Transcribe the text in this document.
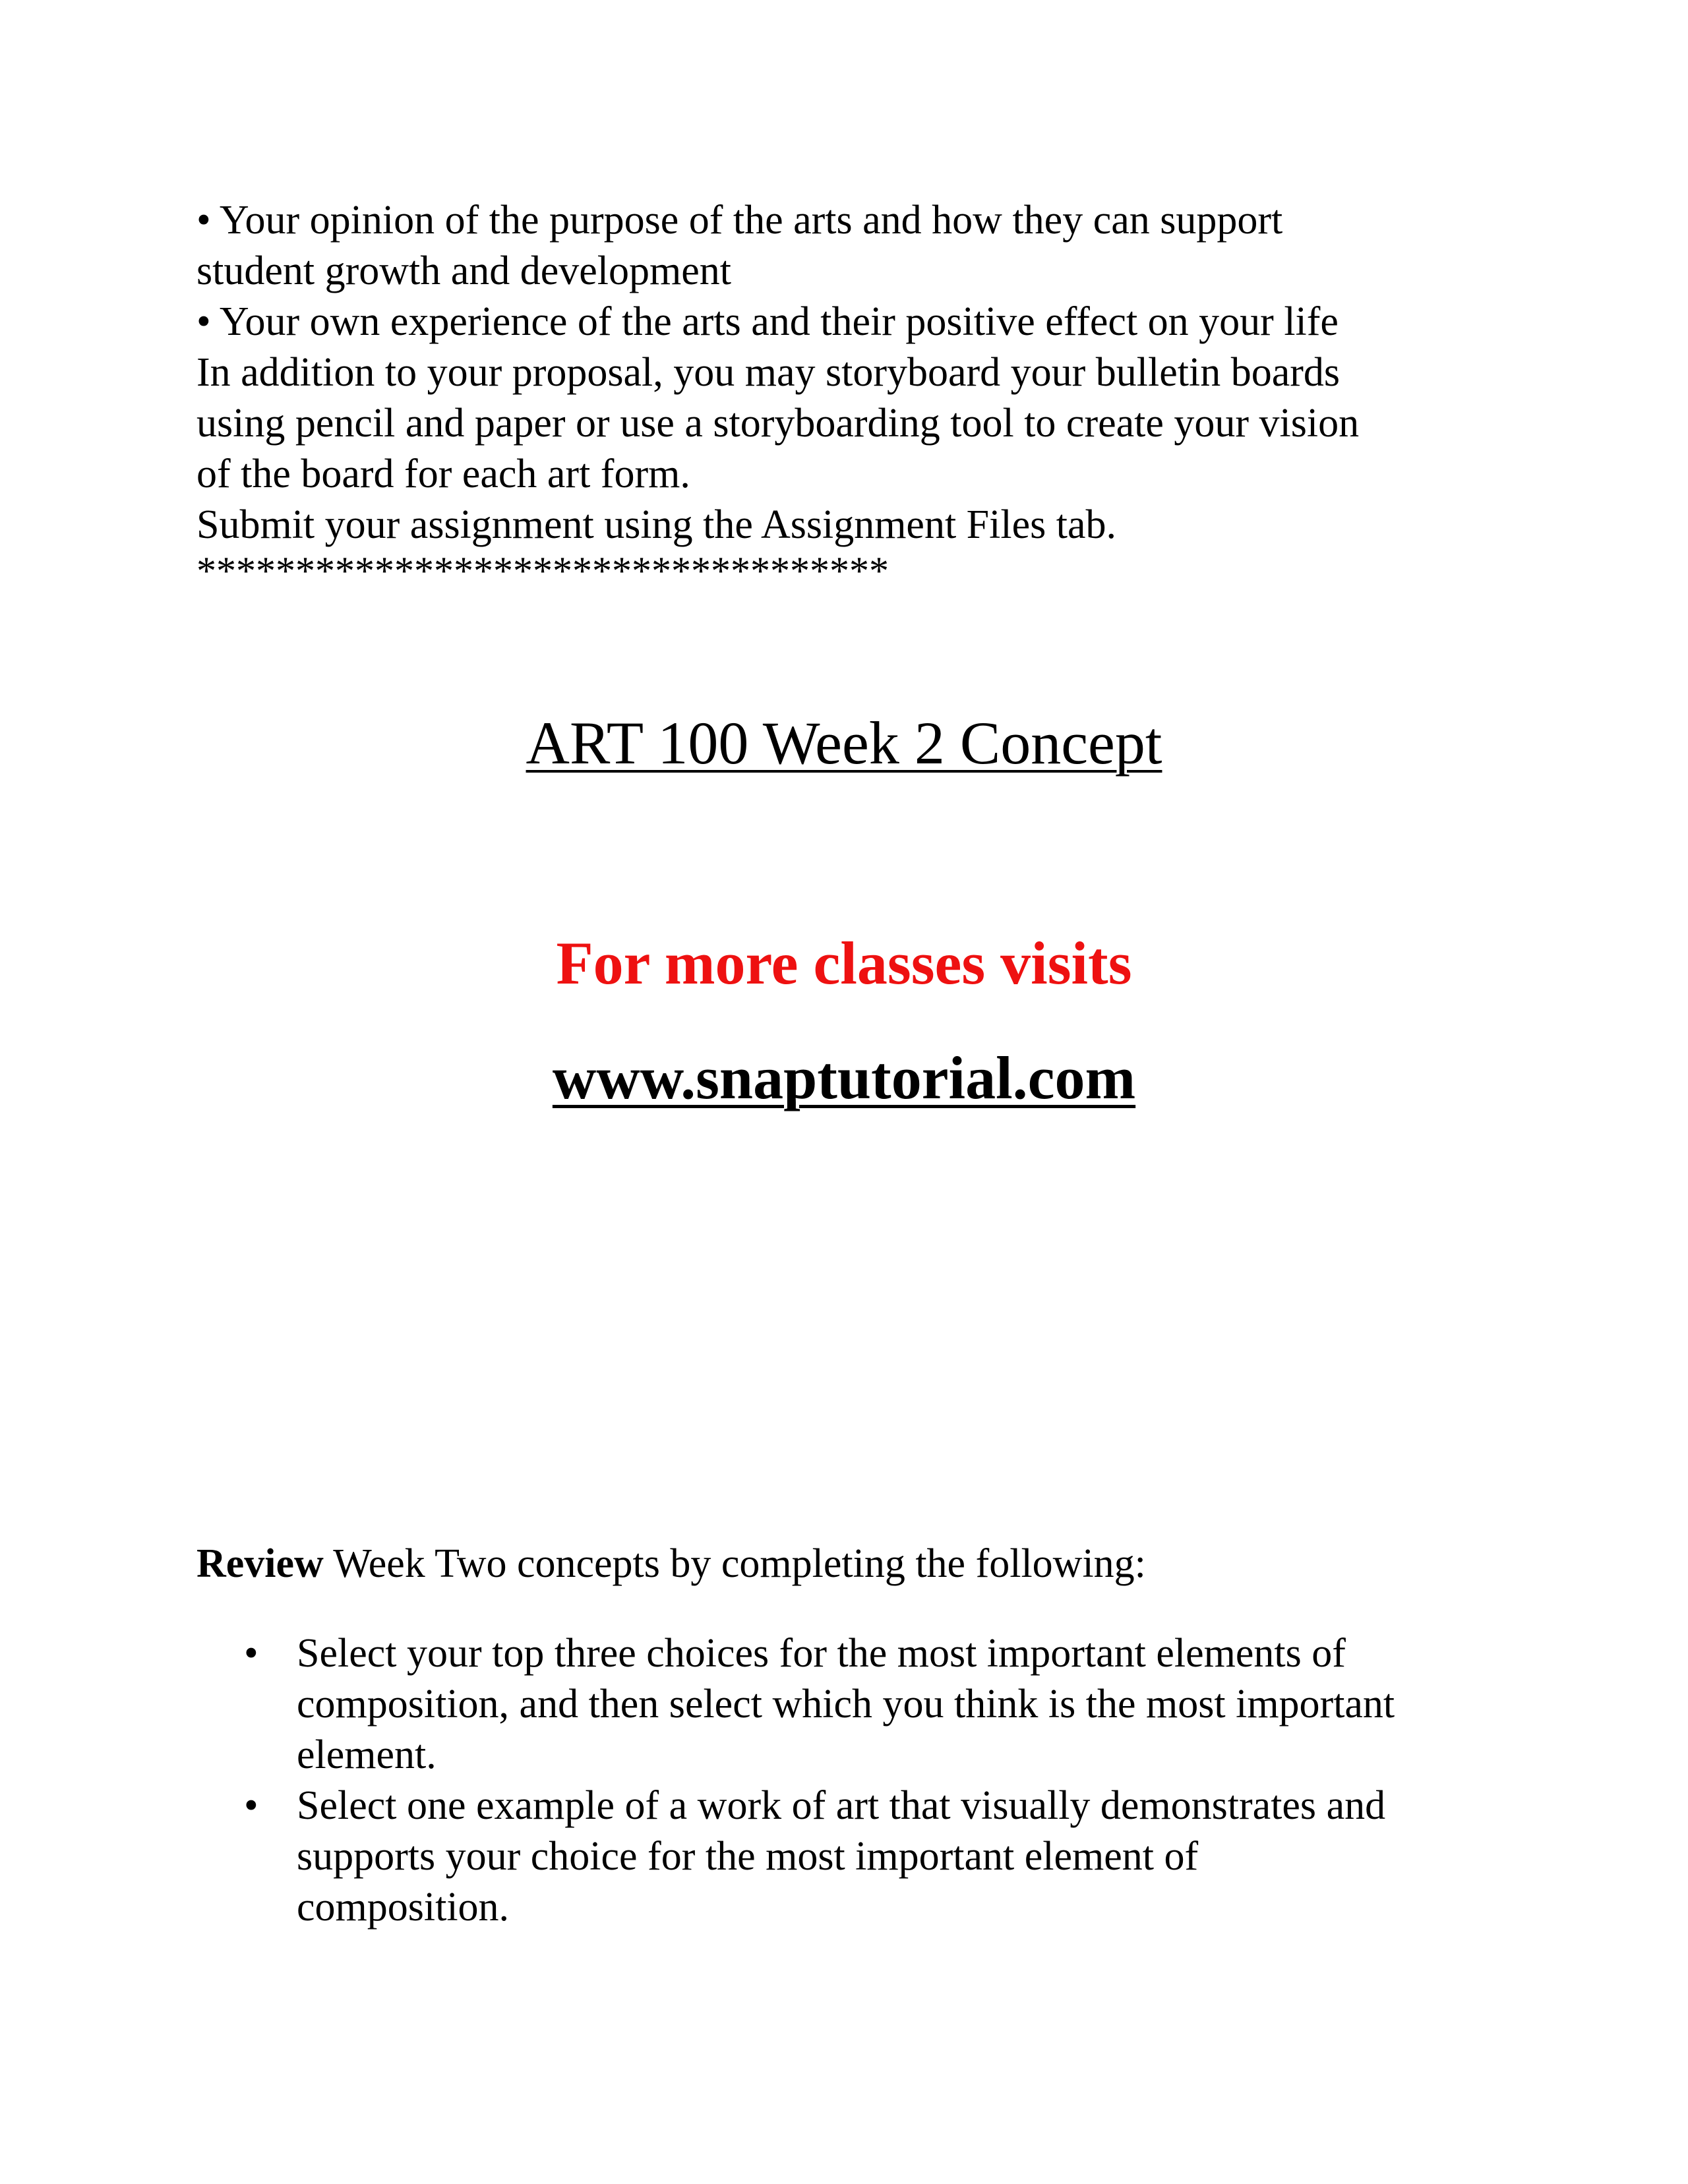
• Your opinion of the purpose of the arts and how they can support
student growth and development
• Your own experience of the arts and their positive effect on your life
In addition to your proposal, you may storyboard your bulletin boards
using pencil and paper or use a storyboarding tool to create your vision
of the board for each art form.
Submit your assignment using the Assignment Files tab.
***********************************
ART 100 Week 2 Concept
For more classes visits
www.snaptutorial.com
Review Week Two concepts by completing the following:
• Select your top three choices for the most important elements of
composition, and then select which you think is the most important
element.
• Select one example of a work of art that visually demonstrates and
supports your choice for the most important element of
composition.
